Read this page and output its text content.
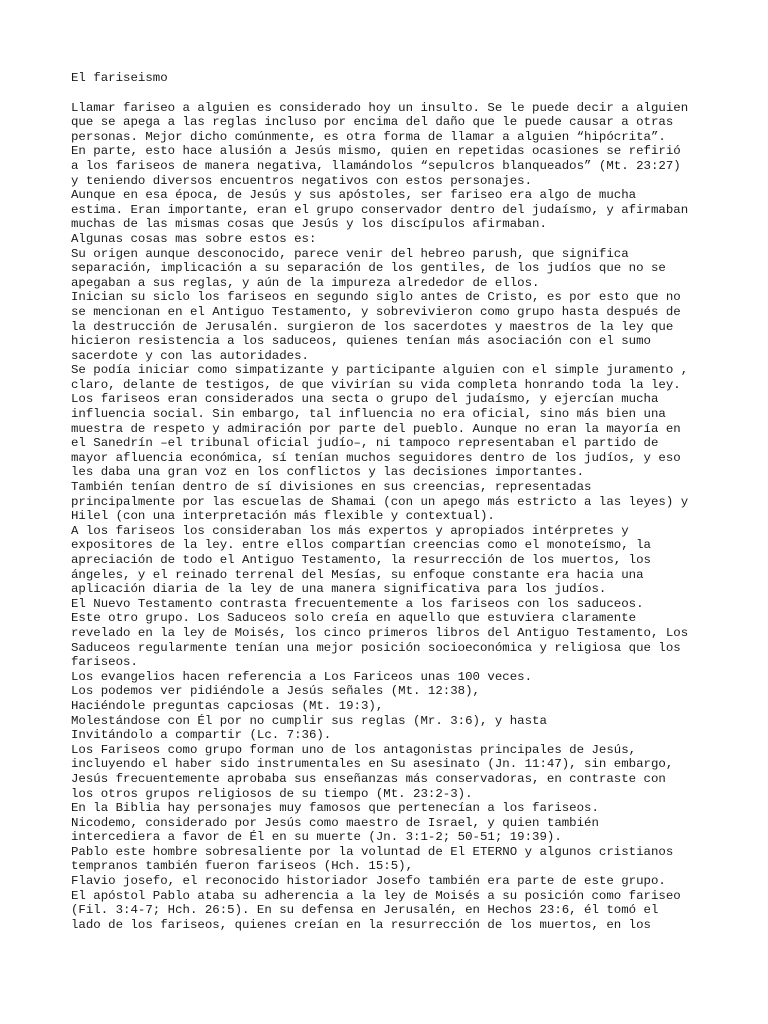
El fariseismo
Llamar fariseo a alguien es considerado hoy un insulto. Se le puede decir a alguien
que se apega a las reglas incluso por encima del daño que le puede causar a otras
personas. Mejor dicho comúnmente, es otra forma de llamar a alguien “hipócrita”.
En parte, esto hace alusión a Jesús mismo, quien en repetidas ocasiones se refirió
a los fariseos de manera negativa, llamándolos “sepulcros blanqueados” (Mt. 23:27)
y teniendo diversos encuentros negativos con estos personajes.
Aunque en esa época, de Jesús y sus apóstoles, ser fariseo era algo de mucha
estima. Eran importante, eran el grupo conservador dentro del judaísmo, y afirmaban
muchas de las mismas cosas que Jesús y los discípulos afirmaban.
Algunas cosas mas sobre estos es:
Su origen aunque desconocido, parece venir del hebreo parush, que significa
separación, implicación a su separación de los gentiles, de los judíos que no se
apegaban a sus reglas, y aún de la impureza alrededor de ellos.
Inician su siclo los fariseos en segundo siglo antes de Cristo, es por esto que no
se mencionan en el Antiguo Testamento, y sobrevivieron como grupo hasta después de
la destrucción de Jerusalén. surgieron de los sacerdotes y maestros de la ley que
hicieron resistencia a los saduceos, quienes tenían más asociación con el sumo
sacerdote y con las autoridades.
Se podía iniciar como simpatizante y participante alguien con el simple juramento ,
claro, delante de testigos, de que vivirían su vida completa honrando toda la ley.
Los fariseos eran considerados una secta o grupo del judaísmo, y ejercían mucha
influencia social. Sin embargo, tal influencia no era oficial, sino más bien una
muestra de respeto y admiración por parte del pueblo. Aunque no eran la mayoría en
el Sanedrín –el tribunal oficial judío–, ni tampoco representaban el partido de
mayor afluencia económica, sí tenían muchos seguidores dentro de los judíos, y eso
les daba una gran voz en los conflictos y las decisiones importantes.
También tenían dentro de sí divisiones en sus creencias, representadas
principalmente por las escuelas de Shamai (con un apego más estricto a las leyes) y
Hilel (con una interpretación más flexible y contextual).
A los fariseos los consideraban los más expertos y apropiados intérpretes y
expositores de la ley. entre ellos compartían creencias como el monoteísmo, la
apreciación de todo el Antiguo Testamento, la resurrección de los muertos, los
ángeles, y el reinado terrenal del Mesías, su enfoque constante era hacia una
aplicación diaria de la ley de una manera significativa para los judíos.
El Nuevo Testamento contrasta frecuentemente a los fariseos con los saduceos.
Este otro grupo. Los Saduceos solo creía en aquello que estuviera claramente
revelado en la ley de Moisés, los cinco primeros libros del Antiguo Testamento, Los
Saduceos regularmente tenían una mejor posición socioeconómica y religiosa que los
fariseos.
Los evangelios hacen referencia a Los Fariceos unas 100 veces.
Los podemos ver pidiéndole a Jesús señales (Mt. 12:38),
Haciéndole preguntas capciosas (Mt. 19:3),
Molestándose con Él por no cumplir sus reglas (Mr. 3:6), y hasta
Invitándolo a compartir (Lc. 7:36).
Los Fariseos como grupo forman uno de los antagonistas principales de Jesús,
incluyendo el haber sido instrumentales en Su asesinato (Jn. 11:47), sin embargo,
Jesús frecuentemente aprobaba sus enseñanzas más conservadoras, en contraste con
los otros grupos religiosos de su tiempo (Mt. 23:2-3).
En la Biblia hay personajes muy famosos que pertenecían a los fariseos.
Nicodemo, considerado por Jesús como maestro de Israel, y quien también
intercediera a favor de Él en su muerte (Jn. 3:1-2; 50-51; 19:39).
Pablo este hombre sobresaliente por la voluntad de El ETERNO y algunos cristianos
tempranos también fueron fariseos (Hch. 15:5),
Flavio josefo, el reconocido historiador Josefo también era parte de este grupo.
El apóstol Pablo ataba su adherencia a la ley de Moisés a su posición como fariseo
(Fil. 3:4-7; Hch. 26:5). En su defensa en Jerusalén, en Hechos 23:6, él tomó el
lado de los fariseos, quienes creían en la resurrección de los muertos, en los
